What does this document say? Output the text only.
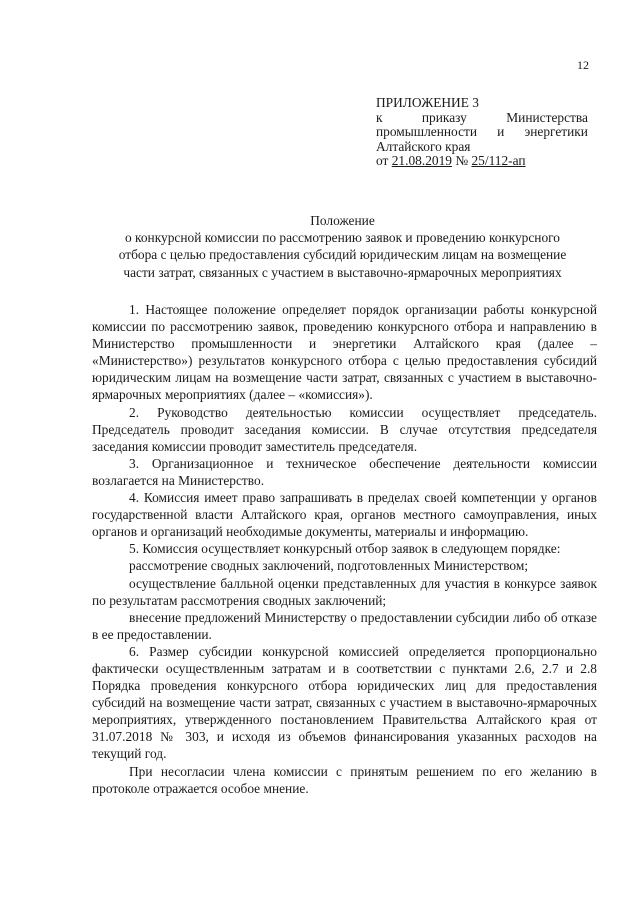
12
ПРИЛОЖЕНИЕ 3
к	приказу	Министерства
промышленности и энергетики
Алтайского края
от 21.08.2019 № 25/112-ап
Положение
о конкурсной комиссии по рассмотрению заявок и проведению конкурсного
отбора с целью предоставления субсидий юридическим лицам на возмещение
части затрат, связанных с участием в выставочно-ярмарочных мероприятиях

1. Настоящее положение определяет порядок организации работы конкурсной комиссии по рассмотрению заявок, проведению конкурсного отбора и направлению в Министерство промышленности и энергетики Алтайского края (далее – «Министерство») результатов конкурсного отбора с целью предоставления субсидий юридическим лицам на возмещение части затрат, связанных с участием в выставочно-ярмарочных мероприятиях (далее – «комиссия»).

2. Руководство деятельностью комиссии осуществляет председатель. Председатель проводит заседания комиссии. В случае отсутствия председателя заседания комиссии проводит заместитель председателя.

3. Организационное и техническое обеспечение деятельности комиссии возлагается на Министерство.

4. Комиссия имеет право запрашивать в пределах своей компетенции у органов государственной власти Алтайского края, органов местного самоуправления, иных органов и организаций необходимые документы, материалы и информацию.

5. Комиссия осуществляет конкурсный отбор заявок в следующем порядке:

рассмотрение сводных заключений, подготовленных Министерством;

осуществление балльной оценки представленных для участия в конкурсе заявок по результатам рассмотрения сводных заключений;

внесение предложений Министерству о предоставлении субсидии либо об отказе в ее предоставлении.

6. Размер субсидии конкурсной комиссией определяется пропорционально фактически осуществленным затратам и в соответствии с пунктами 2.6, 2.7 и 2.8 Порядка проведения конкурсного отбора юридических лиц для предоставления субсидий на возмещение части затрат, связанных с участием в выставочно-ярмарочных мероприятиях, утвержденного постановлением Правительства Алтайского края от 31.07.2018 № 303, и исходя из объемов финансирования указанных расходов на текущий год.

При несогласии члена комиссии с принятым решением по его желанию в протоколе отражается особое мнение.
